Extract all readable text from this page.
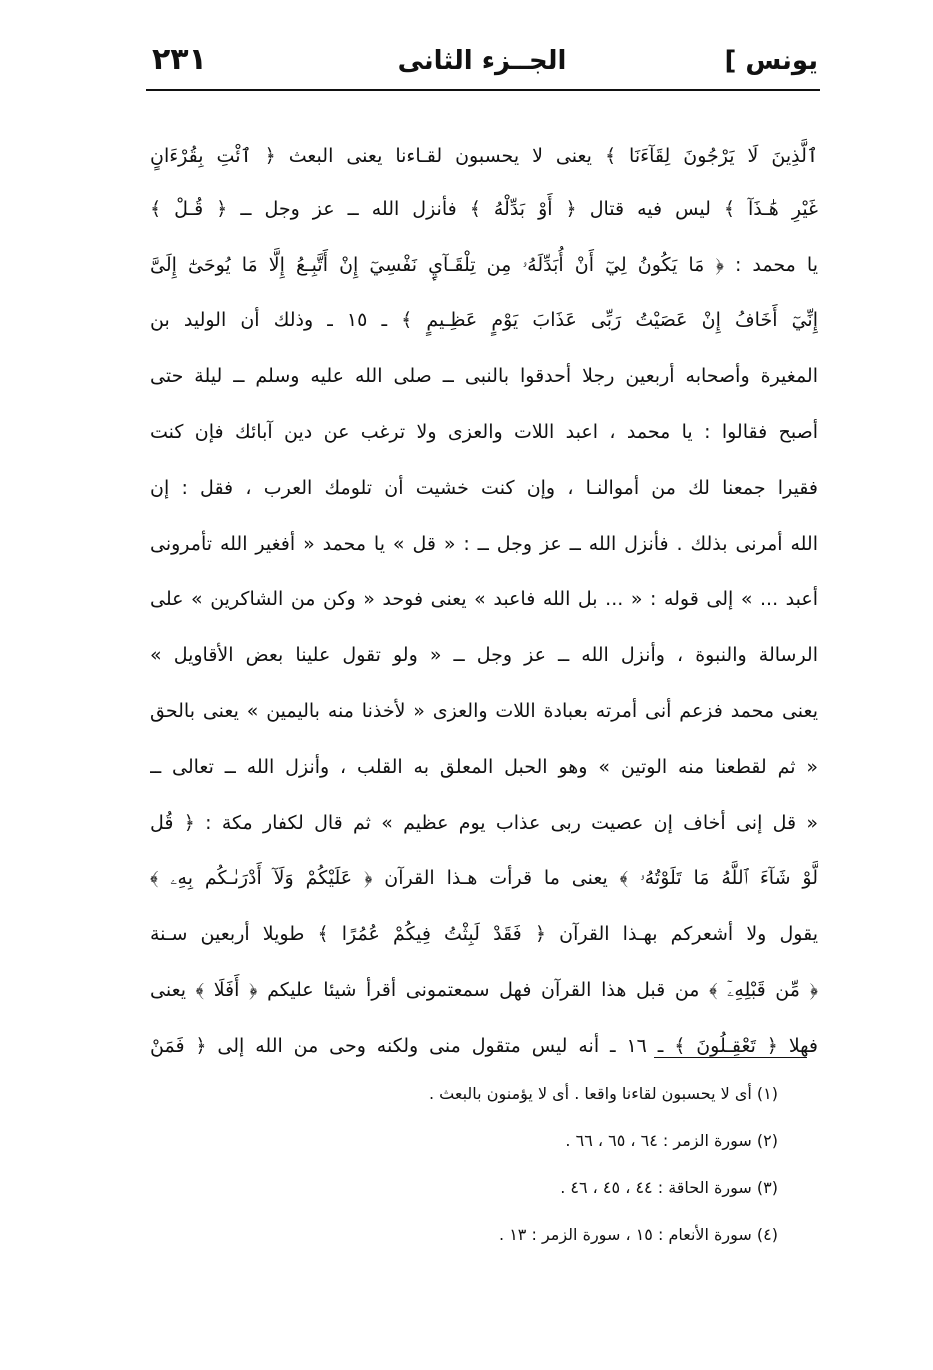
٢٣١	الجــزء الثانى	يونس ]
ٱلَّذِينَ لَا يَرْجُونَ لِقَآءَنَا ﴾ يعنى لا يحسبون لقـاءنا يعنى البعث ﴿ ٱئْتِ بِقُرْءَانٍ
غَيْرِ هَٰـذَآ ﴾ ليس فيه قتال ﴿ أَوْ بَدِّلْهُ ﴾ فأنزل الله ــ عز وجل ــ ﴿ قُـلْ ﴾
يا محمد : ﴿ مَا يَكُونُ لِيٓ أَنْ أُبَدِّلَهُۥ مِن تِلْقَـآيِٕ نَفْسِيٓ إِنْ أَتَّبِـعُ إِلَّا مَا يُوحَىٰٓ إِلَىَّ
إِنِّيٓ أَخَافُ إِنْ عَصَيْتُ رَبِّى عَذَابَ يَوْمٍ عَظِـيمٍ ﴾ ـ ١٥ ـ وذلك أن الوليد بن
المغيرة وأصحابه أربعين رجلا أحدقوا بالنبى ــ صلى الله عليه وسلم ــ ليلة حتى
أصبح فقالوا : يا محمد ، اعبد اللات والعزى ولا ترغب عن دين آبائك فإن كنت
فقيرا جمعنا لك من أموالنـا ، وإن كنت خشيت أن تلومك العرب ، فقل : إن
الله أمرنى بذلك . فأنزل الله ــ عز وجل ــ : « قل » يا محمد « أفغير الله تأمرونى
أعبد ... » إلى قوله : « ... بل الله فاعبد » يعنى فوحد « وكن من الشاكرين » على
الرسالة والنبوة ، وأنزل الله ــ عز وجل ــ « ولو تقول علينا بعض الأقاويل »
يعنى محمد فزعم أنى أمرته بعبادة اللات والعزى « لأخذنا منه باليمين » يعنى بالحق
« ثم لقطعنا منه الوتين » وهو الحبل المعلق به القلب ، وأنزل الله ــ تعالى ــ
« قل إنى أخاف إن عصيت ربى عذاب يوم عظيم » ثم قال لكفار مكة : ﴿ قُل
لَّوْ شَآءَ ٱللَّهُ مَا تَلَوْتُهُۥ ﴾ يعنى ما قرأت هـذا القرآن ﴿ عَلَيْكُمْ وَلَآ أَدْرَىٰـكُم بِهِۦ ﴾
يقول ولا أشعركم بهـذا القرآن ﴿ فَقَدْ لَبِثْتُ فِيكُمْ عُمُرًا ﴾ طويلا أربعين سـنة
﴿ مِّن قَبْلِهِۦٓ ﴾ من قبل هذا القرآن فهل سمعتمونى أقرأ شيئا عليكم ﴿ أَفَلَا ﴾ يعنى
فهلا ﴿ تَعْقِـلُونَ ﴾ ـ ١٦ ـ أنه ليس متقول منى ولكنه وحى من الله إلى ﴿ فَمَنْ
(١) أى لا يحسبون لقاءنا واقعا . أى لا يؤمنون بالبعث .
(٢) سورة الزمر : ٦٤ ، ٦٥ ، ٦٦ .
(٣) سورة الحاقة : ٤٤ ، ٤٥ ، ٤٦ .
(٤) سورة الأنعام : ١٥ ، سورة الزمر : ١٣ .
